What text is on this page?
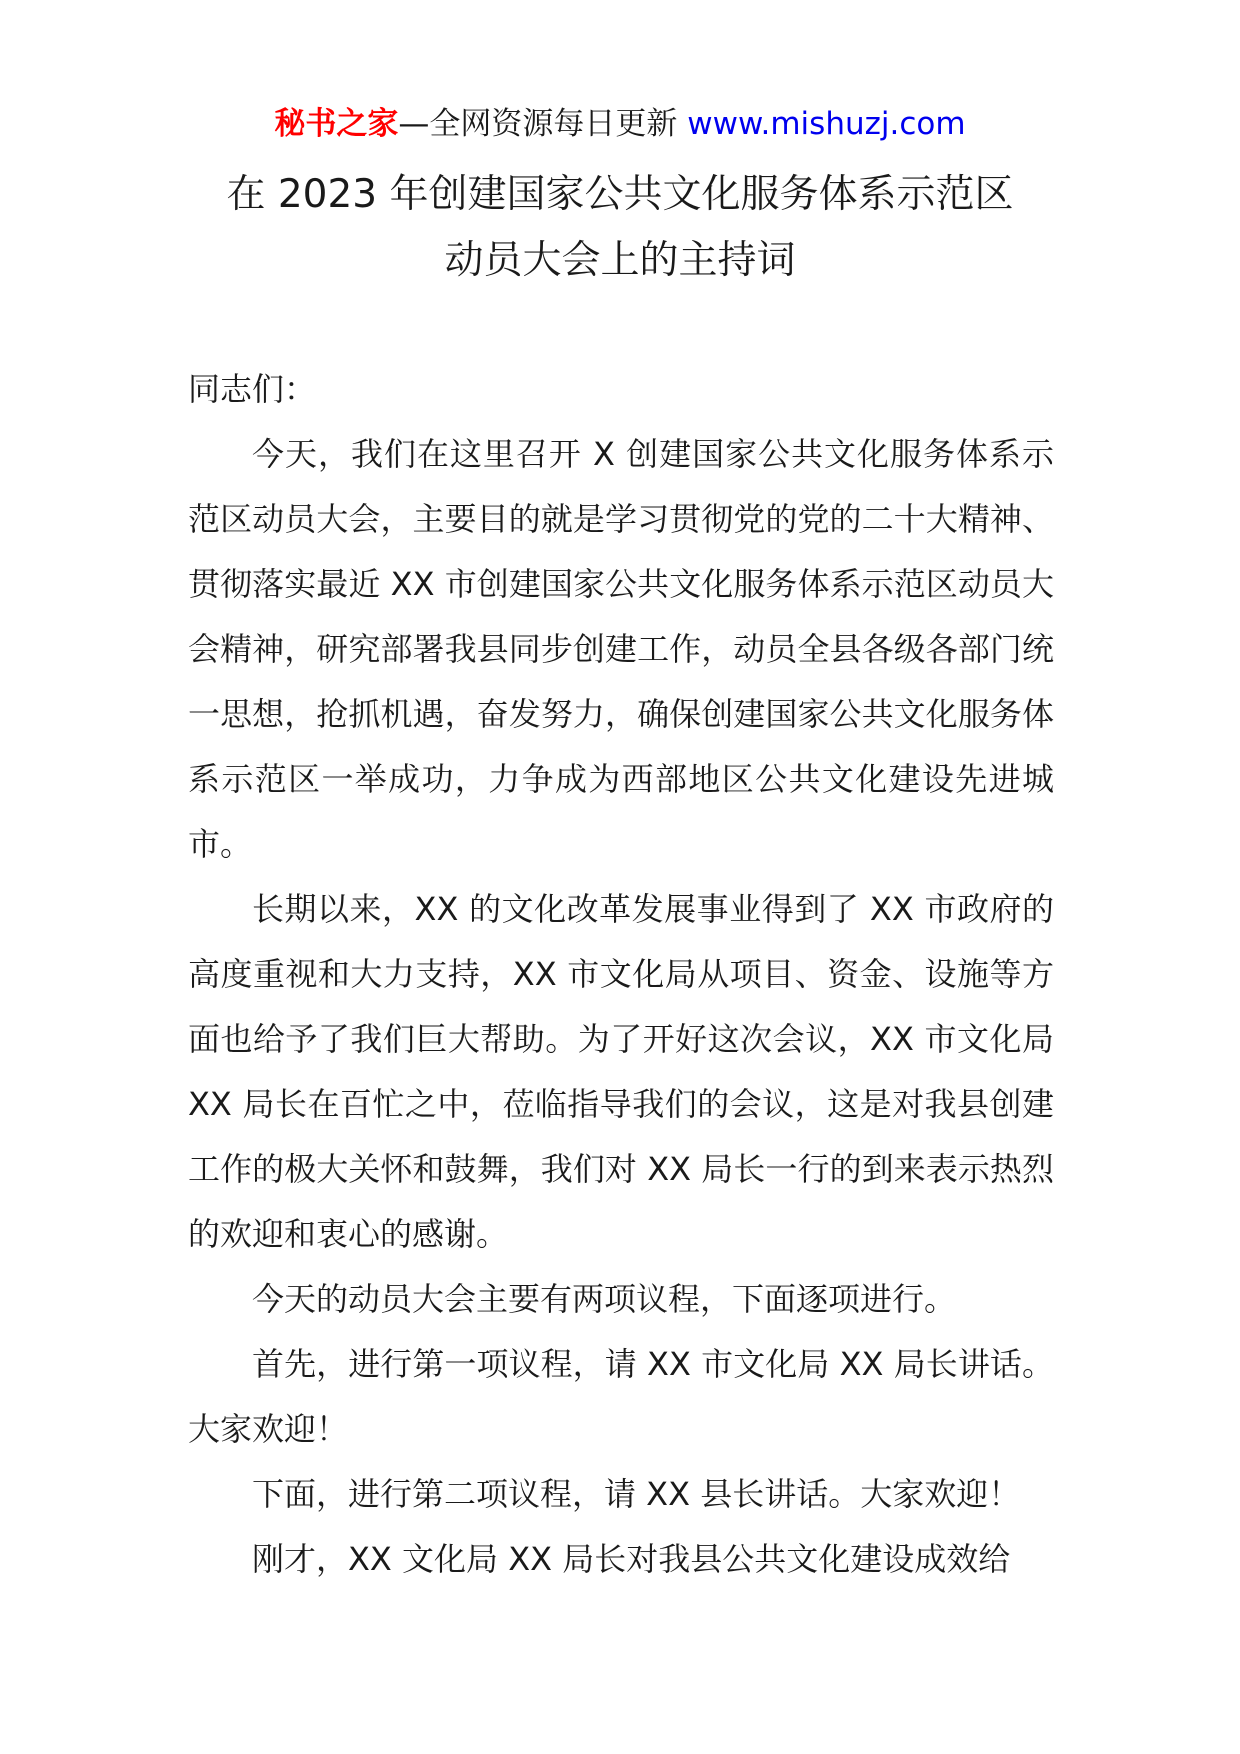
秘书之家—全网资源每日更新 www.mishuzj.com
在 2023 年创建国家公共文化服务体系示范区
动员大会上的主持词

同志们：

今天，我们在这里召开 X 创建国家公共文化服务体系示范区动员大会，主要目的就是学习贯彻党的党的二十大精神、贯彻落实最近 XX 市创建国家公共文化服务体系示范区动员大会精神，研究部署我县同步创建工作，动员全县各级各部门统一思想，抢抓机遇，奋发努力，确保创建国家公共文化服务体系示范区一举成功，力争成为西部地区公共文化建设先进城市。

长期以来，XX 的文化改革发展事业得到了 XX 市政府的高度重视和大力支持，XX 市文化局从项目、资金、设施等方面也给予了我们巨大帮助。为了开好这次会议，XX 市文化局 XX 局长在百忙之中，莅临指导我们的会议，这是对我县创建工作的极大关怀和鼓舞，我们对 XX 局长一行的到来表示热烈的欢迎和衷心的感谢。

今天的动员大会主要有两项议程，下面逐项进行。

首先，进行第一项议程，请 XX 市文化局 XX 局长讲话。大家欢迎！

下面，进行第二项议程，请 XX 县长讲话。大家欢迎！

刚才，XX 文化局 XX 局长对我县公共文化建设成效给
